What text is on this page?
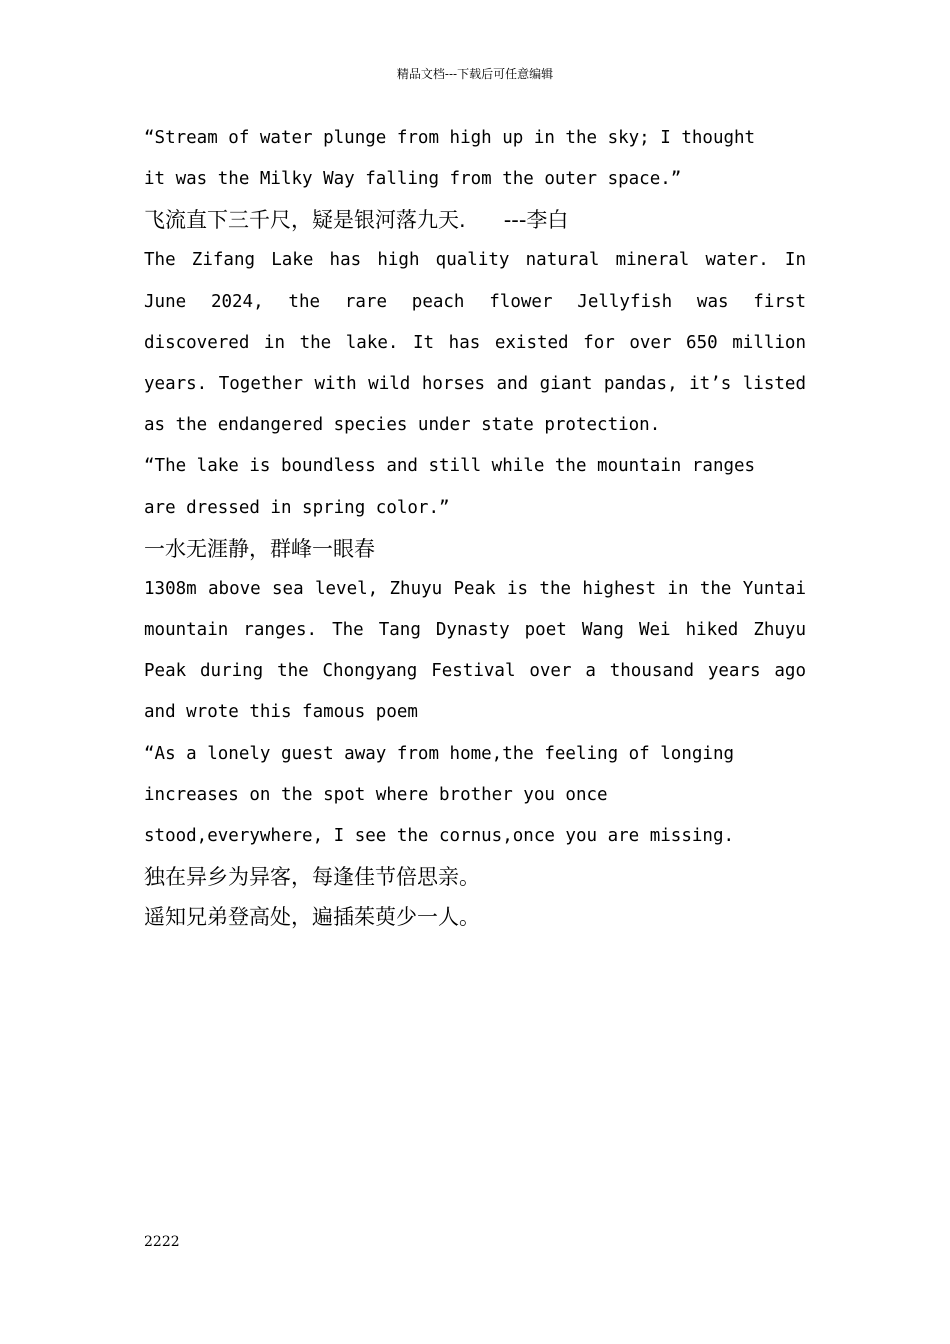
精品文档---下载后可任意编辑

“Stream of water plunge from high up in the sky; I thought

it was the Milky Way falling from the outer space.”

飞流直下三千尺，疑是银河落九天. ---李白

The Zifang Lake has high quality natural mineral water. In June 2024, the rare peach flower Jellyfish was first discovered in the lake. It has existed for over 650 million years. Together with wild horses and giant pandas, it’s listed as the endangered species under state protection.

“The lake is boundless and still while the mountain ranges

are dressed in spring color.”

一水无涯静，群峰一眼春

1308m above sea level, Zhuyu Peak is the highest in the Yuntai mountain ranges. The Tang Dynasty poet Wang Wei hiked Zhuyu Peak during the Chongyang Festival over a thousand years ago and wrote this famous poem

“As a lonely guest away from home,the feeling of longing

increases on the spot where brother you once

stood,everywhere, I see the cornus,once you are missing.

独在异乡为异客，每逢佳节倍思亲。

遥知兄弟登高处，遍插茱萸少一人。

2222
